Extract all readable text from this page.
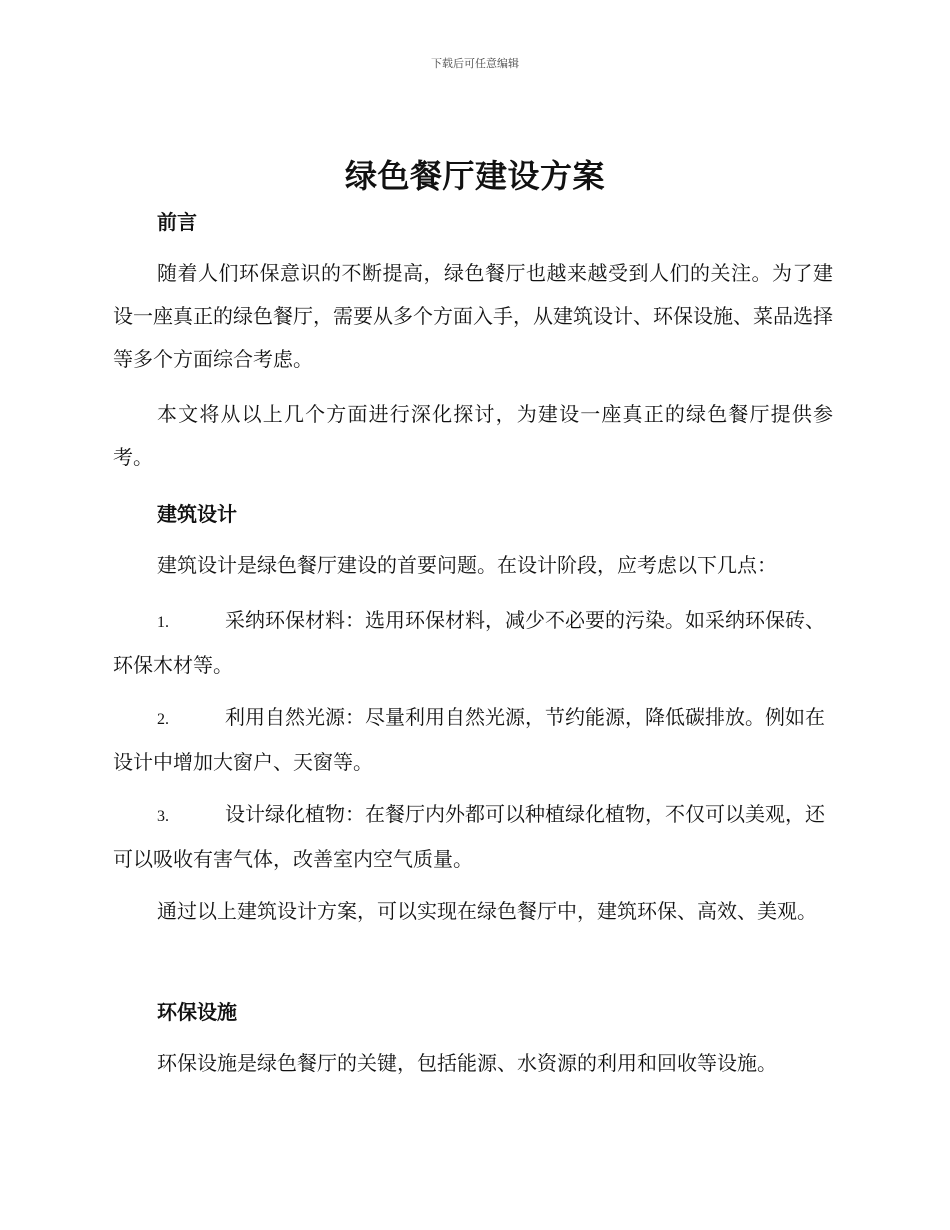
下载后可任意编辑
绿色餐厅建设方案
前言

随着人们环保意识的不断提高，绿色餐厅也越来越受到人们的关注。为了建设一座真正的绿色餐厅，需要从多个方面入手，从建筑设计、环保设施、菜品选择等多个方面综合考虑。

本文将从以上几个方面进行深化探讨，为建设一座真正的绿色餐厅提供参考。

建筑设计

建筑设计是绿色餐厅建设的首要问题。在设计阶段，应考虑以下几点：

1.	采纳环保材料：选用环保材料，减少不必要的污染。如采纳环保砖、环保木材等。

2.	利用自然光源：尽量利用自然光源，节约能源，降低碳排放。例如在设计中增加大窗户、天窗等。

3.	设计绿化植物：在餐厅内外都可以种植绿化植物，不仅可以美观，还可以吸收有害气体，改善室内空气质量。

通过以上建筑设计方案，可以实现在绿色餐厅中，建筑环保、高效、美观。

环保设施

环保设施是绿色餐厅的关键，包括能源、水资源的利用和回收等设施。
